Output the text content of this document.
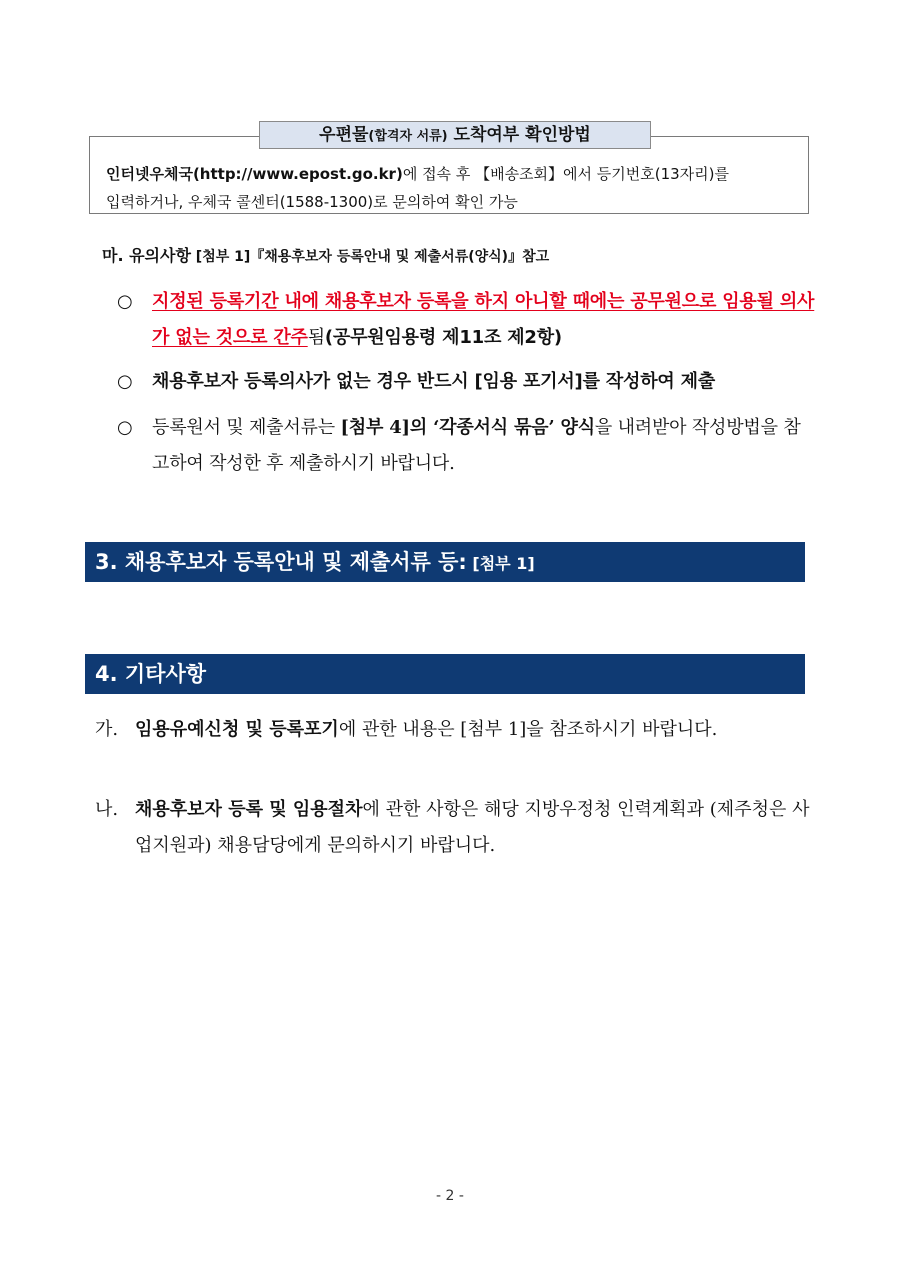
우편물(합격자 서류) 도착여부 확인방법
인터넷우체국(http://www.epost.go.kr)에 접속 후 【배송조회】에서 등기번호(13자리)를
입력하거나, 우체국 콜센터(1588-1300)로 문의하여 확인 가능
마. 유의사항 [첨부 1]『채용후보자 등록안내 및 제출서류(양식)』참고
○	지정된 등록기간 내에 채용후보자 등록을 하지 아니할 때에는 공무원으로 임용될 의사가 없는 것으로 간주됨(공무원임용령 제11조 제2항)
○	채용후보자 등록의사가 없는 경우 반드시 [임용 포기서]를 작성하여 제출
○	등록원서 및 제출서류는 [첨부 4]의 ‘각종서식 묶음’ 양식을 내려받아 작성방법을 참고하여 작성한 후 제출하시기 바랍니다.
3. 채용후보자 등록안내 및 제출서류 등: [첨부 1]
4. 기타사항
가. 임용유예신청 및 등록포기에 관한 내용은 [첨부 1]을 참조하시기 바랍니다.
나. 채용후보자 등록 및 임용절차에 관한 사항은 해당 지방우정청 인력계획과 (제주청은 사업지원과) 채용담당에게 문의하시기 바랍니다.
- 2 -
